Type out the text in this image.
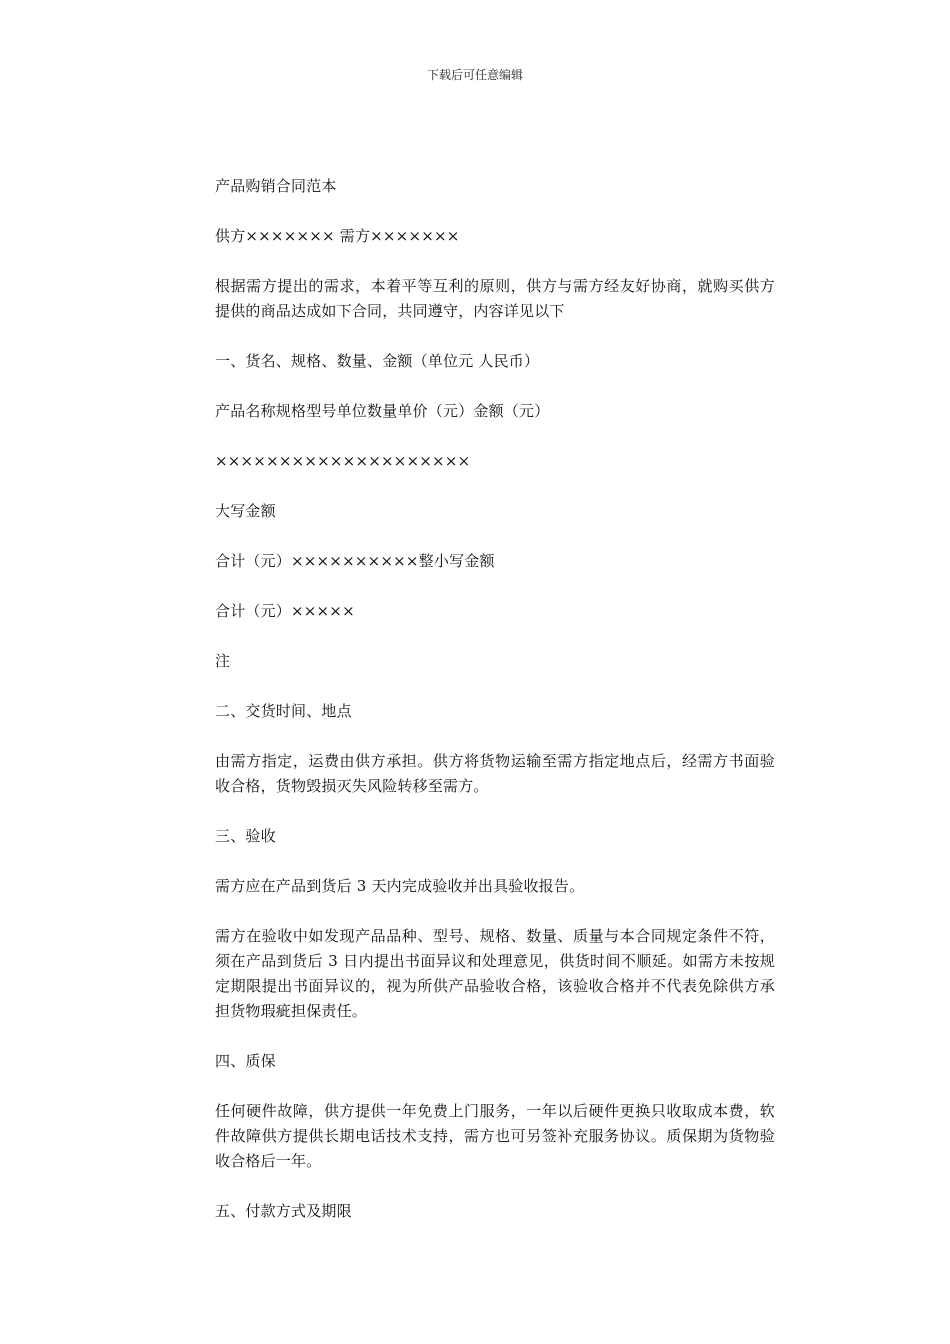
下载后可任意编辑

产品购销合同范本

供方××××××× 需方×××××××

根据需方提出的需求，本着平等互利的原则，供方与需方经友好协商，就购买供方提供的商品达成如下合同，共同遵守，内容详见以下

一、货名、规格、数量、金额（单位元 人民币）

产品名称规格型号单位数量单价（元）金额（元）

××××××××××××××××××××

大写金额

合计（元）××××××××××整小写金额

合计（元）×××××

注

二、交货时间、地点

由需方指定，运费由供方承担。供方将货物运输至需方指定地点后，经需方书面验收合格，货物毁损灭失风险转移至需方。

三、验收

需方应在产品到货后 3 天内完成验收并出具验收报告。

需方在验收中如发现产品品种、型号、规格、数量、质量与本合同规定条件不符，须在产品到货后 3 日内提出书面异议和处理意见，供货时间不顺延。如需方未按规定期限提出书面异议的，视为所供产品验收合格，该验收合格并不代表免除供方承担货物瑕疵担保责任。

四、质保

任何硬件故障，供方提供一年免费上门服务，一年以后硬件更换只收取成本费，软件故障供方提供长期电话技术支持，需方也可另签补充服务协议。质保期为货物验收合格后一年。

五、付款方式及期限
